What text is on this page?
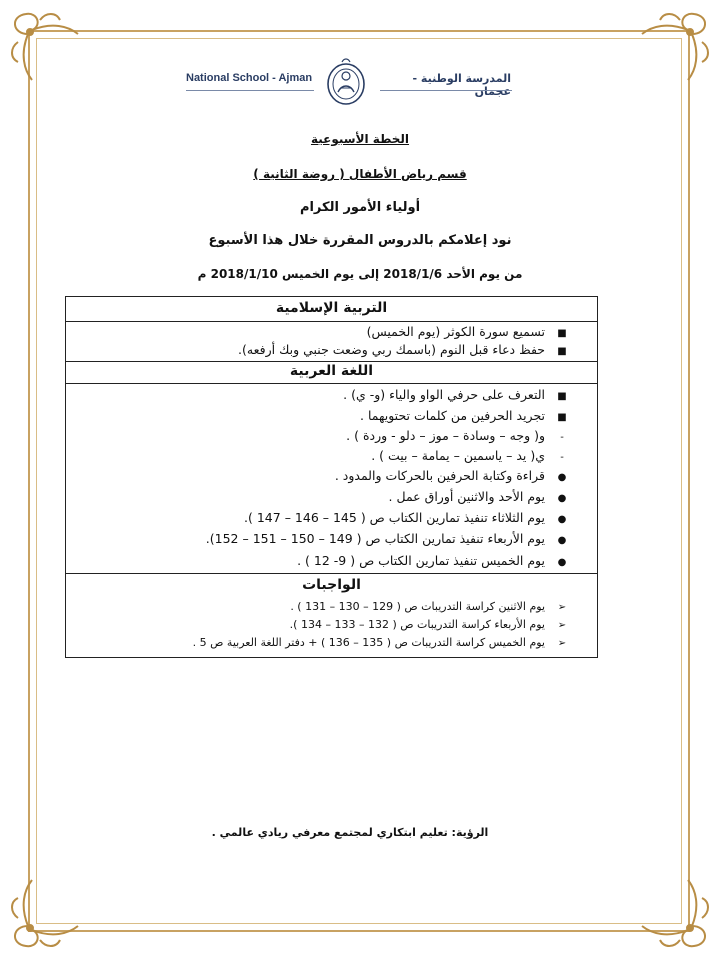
National School - Ajman	المدرسة الوطنية - عجمان
الخطة الأسبوعية
قسم رياض الأطفال ( روضة الثانية )
أولياء الأمور الكرام
نود إعلامكم بالدروس المقررة خلال هذا الأسبوع
من يوم الأحد 2018/1/6 إلى يوم الخميس 2018/1/10 م
التربية الإسلامية
■تسميع سورة الكوثر (يوم الخميس)
■حفظ دعاء قبل النوم (باسمك ربي وضعت جنبي وبك أرفعه).
اللغة العربية
■التعرف على حرفي الواو والياء (و- ي) .
■تجريد الحرفين من كلمات تحتويهما .
-و( وجه – وسادة – موز – دلو - وردة ) .
-ي( يد – ياسمين – يمامة – بيت ) .
●قراءة وكتابة الحرفين بالحركات والمدود .
●يوم الأحد والاثنين أوراق عمل .
●يوم الثلاثاء تنفيذ تمارين الكتاب ص ( 145 – 146 – 147 ).
●يوم الأربعاء تنفيذ تمارين الكتاب ص ( 149 – 150 – 151 – 152).
●يوم الخميس تنفيذ تمارين الكتاب ص ( 9- 12 ) .
الواجبات
➢يوم الاثنين كراسة التدريبات ص ( 129 – 130 – 131 ) .
➢يوم الأربعاء كراسة التدريبات ص ( 132 – 133 – 134 ).
➢يوم الخميس كراسة التدريبات ص ( 135 – 136 ) + دفتر اللغة العربية ص 5 .
الرؤية: تعليم ابتكاري لمجتمع معرفي ريادي عالمي .
